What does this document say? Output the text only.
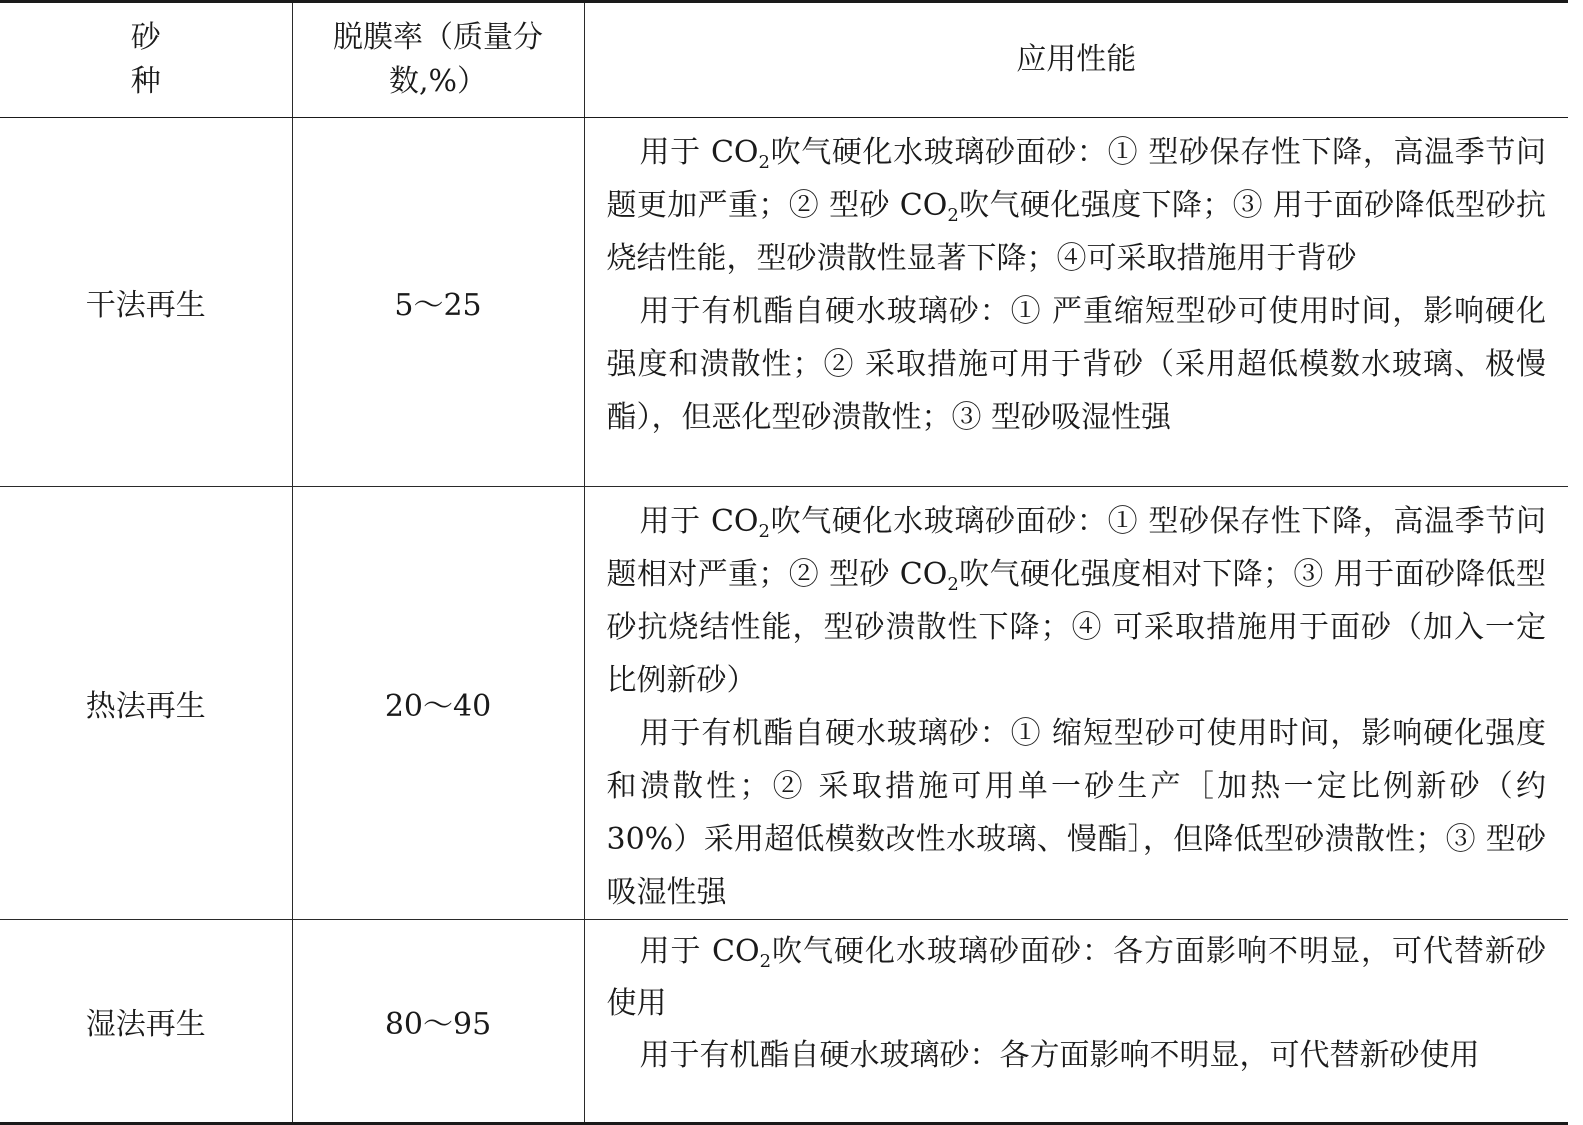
砂 种	脱膜率（质量分数,%）	应用性能
干法再生	5～25	用于 $CO_2$吹气硬化水玻璃砂面砂：① 型砂保存性下降，高温季节问题更加严重；② 型砂 $CO_2$吹气硬化强度下降；③ 用于面砂降低型砂抗烧结性能，型砂溃散性显著下降；④可采取措施用于背砂

用于有机酯自硬水玻璃砂：① 严重缩短型砂可使用时间，影响硬化强度和溃散性；② 采取措施可用于背砂（采用超低模数水玻璃、极慢酯），但恶化型砂溃散性；③ 型砂吸湿性强

热法再生	20～40	用于 $CO_2$吹气硬化水玻璃砂面砂：① 型砂保存性下降，高温季节问题相对严重；② 型砂 $CO_2$吹气硬化强度相对下降；③ 用于面砂降低型砂抗烧结性能，型砂溃散性下降；④ 可采取措施用于面砂（加入一定比例新砂）

用于有机酯自硬水玻璃砂：① 缩短型砂可使用时间，影响硬化强度和溃散性；② 采取措施可用单一砂生产［加热一定比例新砂（约 30%）采用超低模数改性水玻璃、慢酯］，但降低型砂溃散性；③ 型砂吸湿性强

湿法再生	80～95	用于 $CO_2$吹气硬化水玻璃砂面砂：各方面影响不明显，可代替新砂使用

用于有机酯自硬水玻璃砂：各方面影响不明显，可代替新砂使用
